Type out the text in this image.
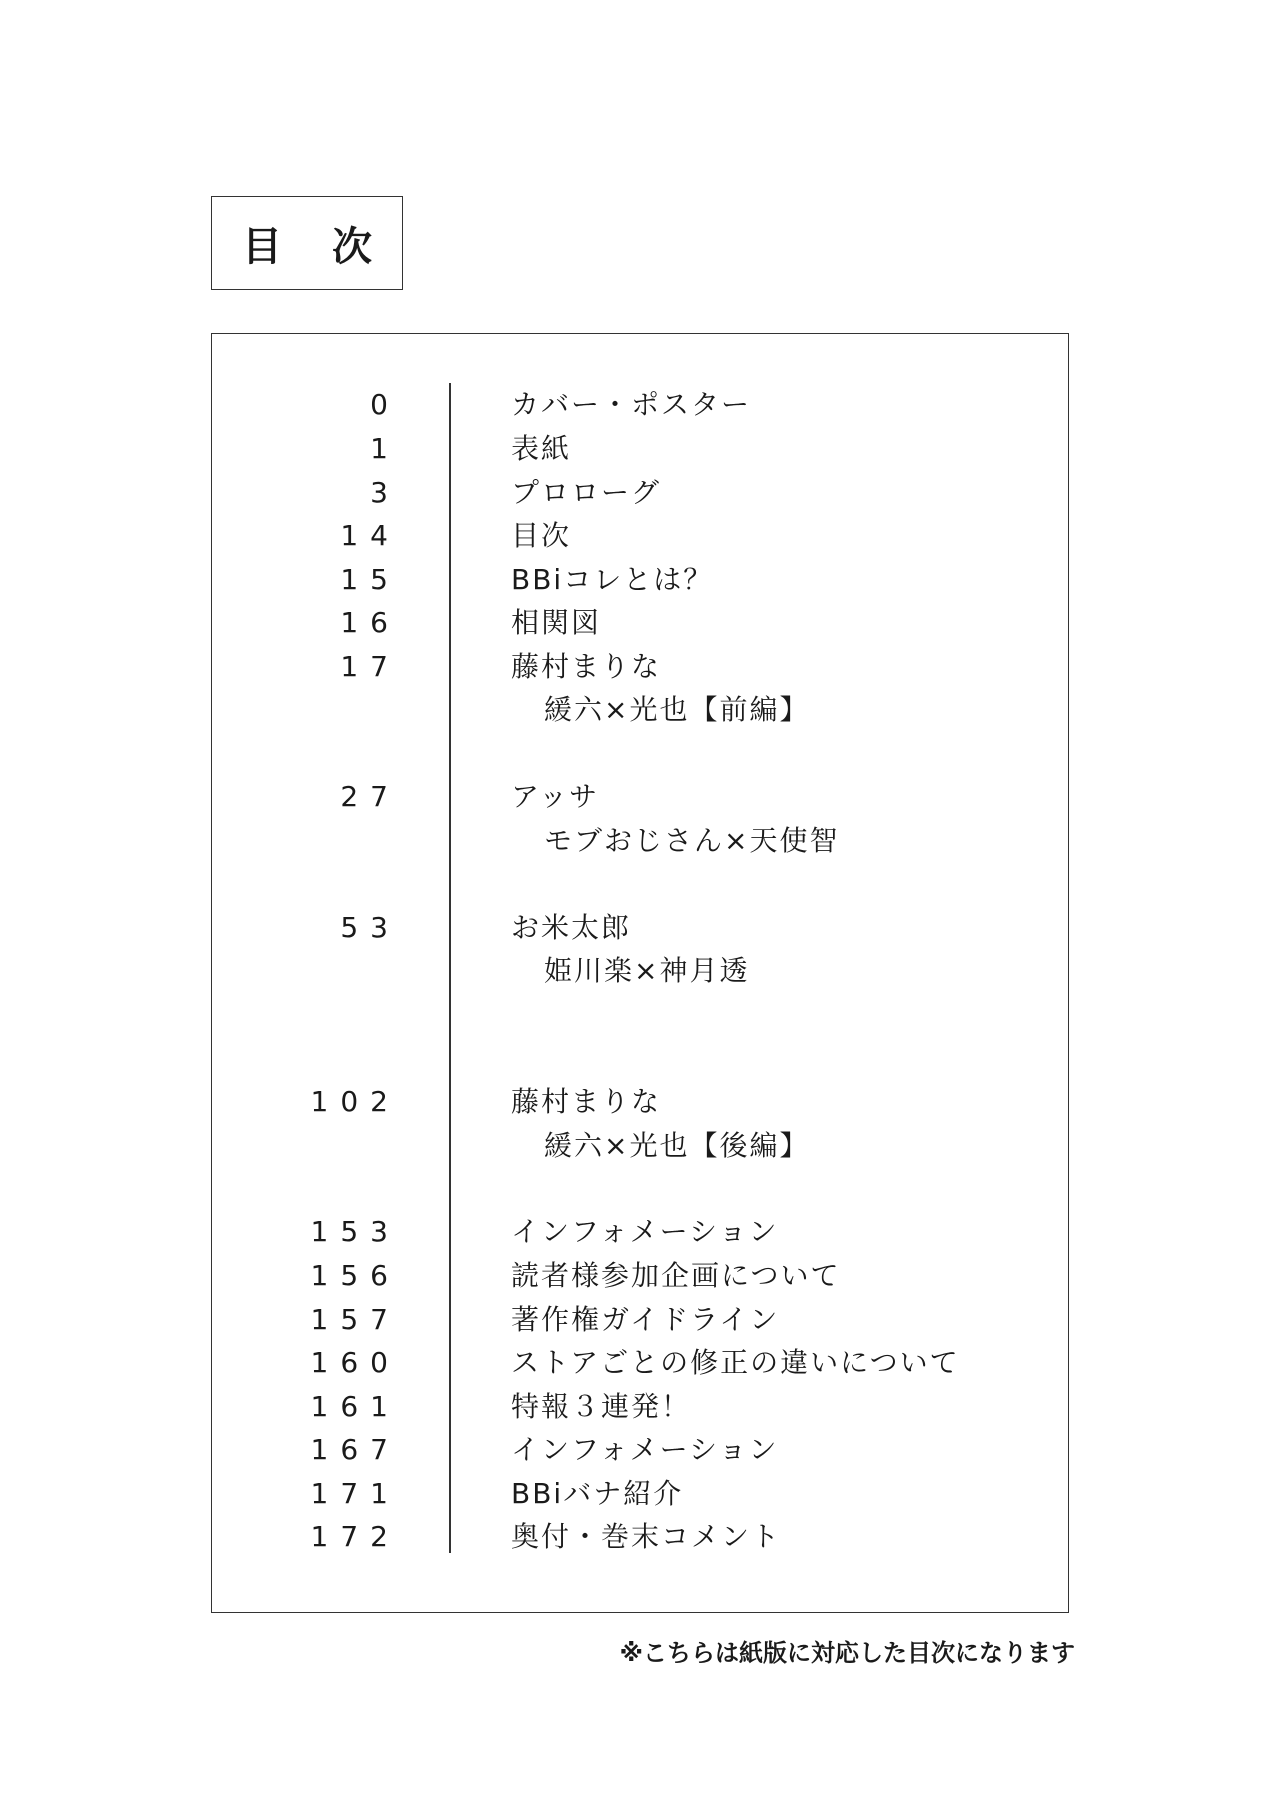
目 次
0	カバー・ポスター
1	表紙
3	プロローグ
14	目次
15	BBiコレとは？
16	相関図
17	藤村まりな
緩六×光也【前編】
27	アッサ
モブおじさん×天使智
53	お米太郎
姫川楽×神月透
102	藤村まりな
緩六×光也【後編】
153	インフォメーション
156	読者様参加企画について
157	著作権ガイドライン
160	ストアごとの修正の違いについて
161	特報３連発！
167	インフォメーション
171	BBiバナ紹介
172	奥付・巻末コメント
※こちらは紙版に対応した目次になります
